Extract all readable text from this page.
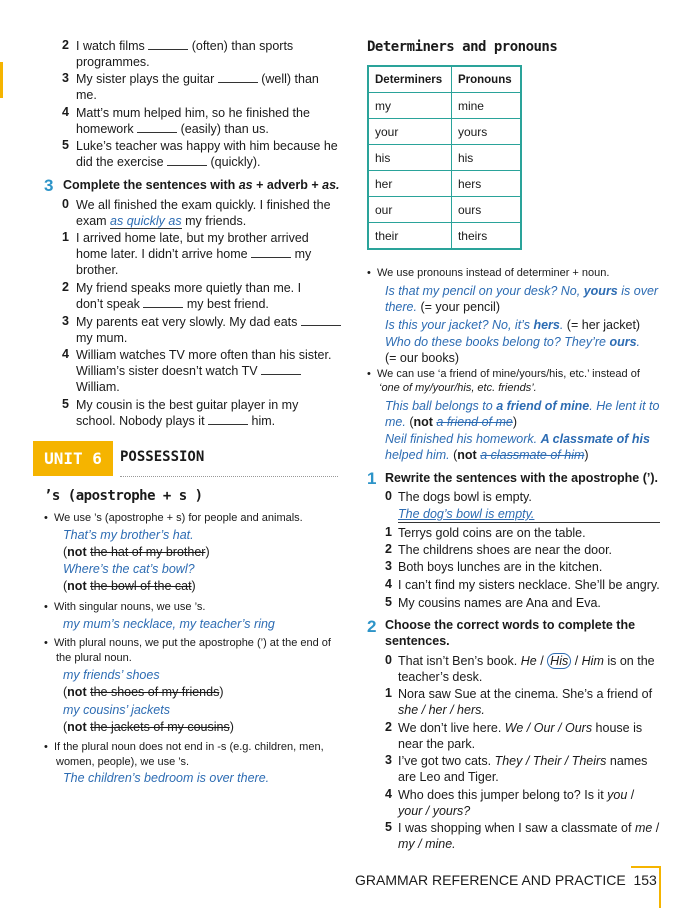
2 I watch films	(often) than sports
programmes.
3 My sister plays the guitar	(well) than
me.
4 Matt’s mum helped him, so he finished the
homework	(easily) than us.
5 Luke’s teacher was happy with him because he
did the exercise	(quickly).
3 Complete the sentences with as + adverb + as.
0 We all finished the exam quickly. I finished the
exam as quickly as my friends.
1 I arrived home late, but my brother arrived
home later. I didn’t arrive home	my
brother.
2 My friend speaks more quietly than me. I
don’t speak	my best friend.
3 My parents eat very slowly. My dad eats
my mum.
4 William watches TV more often than his sister.
William’s sister doesn’t watch TV
William.
5 My cousin is the best guitar player in my
school. Nobody plays it	him.
UNIT 6	POSSESSION
’s (apostrophe + s )
•  We use ’s (apostrophe + s) for people and animals.
That’s my brother’s hat.
(not the hat of my brother)
Where’s the cat’s bowl?
(not the bowl of the cat)
•  With singular nouns, we use ’s.
my mum’s necklace, my teacher’s ring
•  With plural nouns, we put the apostrophe (’) at the end of
the plural noun.
my friends’ shoes
(not the shoes of my friends)
my cousins’ jackets
(not the jackets of my cousins)
•  If the plural noun does not end in -s (e.g. children, men,
women, people), we use ’s.
The children’s bedroom is over there.
Determiners and pronouns
Determiners	Pronouns
my	mine
your	yours
his	his
her	hers
our	ours
their	theirs
•  We use pronouns instead of determiner + noun.
Is that my pencil on your desk? No, yours is over
there. (= your pencil)
Is this your jacket? No, it’s hers. (= her jacket)
Who do these books belong to? They’re ours.
(= our books)
•  We can use ‘a friend of mine/yours/his, etc.’ instead of
‘one of my/your/his, etc. friends’.
This ball belongs to a friend of mine. He lent it to
me. (not a friend of me)
Neil finished his homework. A classmate of his
helped him. (not a classmate of him)
1 Rewrite the sentences with the apostrophe (’).
0 The dogs bowl is empty.
The dog’s bowl is empty.
1 Terrys gold coins are on the table.
2 The childrens shoes are near the door.
3 Both boys lunches are in the kitchen.
4 I can’t find my sisters necklace. She’ll be angry.
5 My cousins names are Ana and Eva.
2 Choose the correct words to complete the
sentences.
0 That isn’t Ben’s book. He / His / Him is on the
teacher’s desk.
1 Nora saw Sue at the cinema. She’s a friend of
she / her / hers.
2 We don’t live here. We / Our / Ours house is
near the park.
3 I’ve got two cats. They / Their / Theirs names
are Leo and Tiger.
4 Who does this jumper belong to? Is it you /
your / yours?
5 I was shopping when I saw a classmate of me /
my / mine.
GRAMMAR REFERENCE AND PRACTICE 153
